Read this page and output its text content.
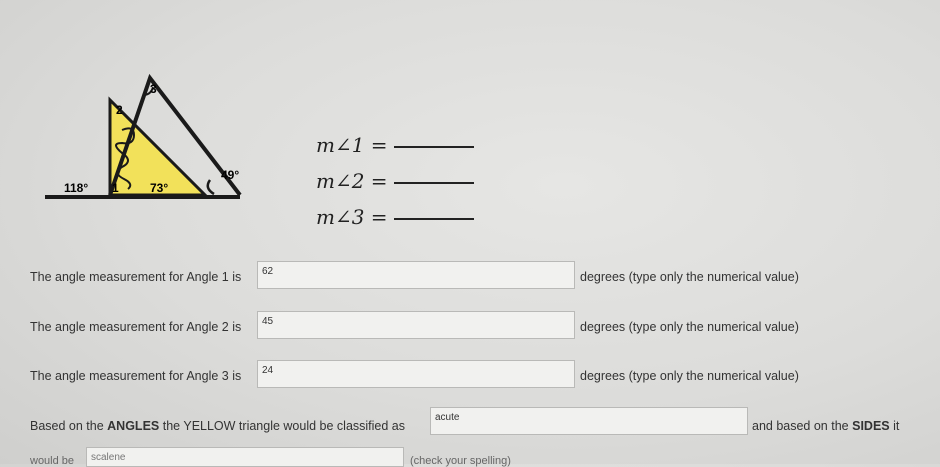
3
2
118° 1	73°
49°
m∠1 =
m∠2 =
m∠3 =
The angle measurement for Angle 1 is	62	degrees (type only the numerical value)
The angle measurement for Angle 2 is	45	degrees (type only the numerical value)
The angle measurement for Angle 3 is	24	degrees (type only the numerical value)
Based on the ANGLES the YELLOW triangle would be classified as
acute
and based on the SIDES it
would be	scalene	(check your spelling)
